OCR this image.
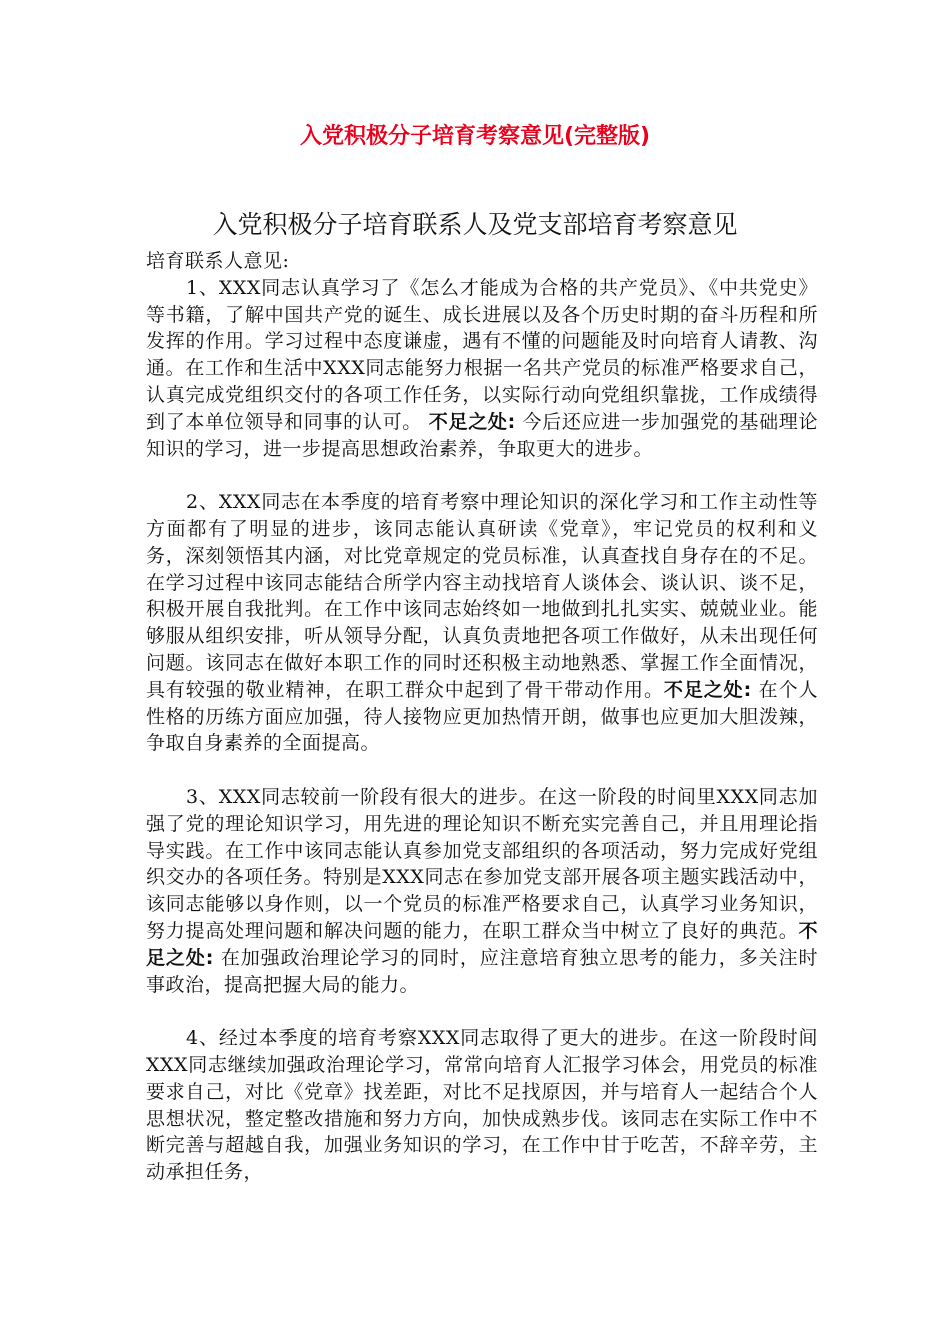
入党积极分子培育考察意见(完整版)
入党积极分子培育联系人及党支部培育考察意见

培育联系人意见:

1、XXX同志认真学习了《怎么才能成为合格的共产党员》、《中共党史》等书籍，了解中国共产党的诞生、成长进展以及各个历史时期的奋斗历程和所发挥的作用。学习过程中态度谦虚，遇有不懂的问题能及时向培育人请教、沟通。在工作和生活中XXX同志能努力根据一名共产党员的标准严格要求自己，认真完成党组织交付的各项工作任务，以实际行动向党组织靠拢，工作成绩得到了本单位领导和同事的认可。 不足之处: 今后还应进一步加强党的基础理论知识的学习，进一步提高思想政治素养，争取更大的进步。

2、XXX同志在本季度的培育考察中理论知识的深化学习和工作主动性等方面都有了明显的进步，该同志能认真研读《党章》，牢记党员的权利和义务，深刻领悟其内涵，对比党章规定的党员标准，认真查找自身存在的不足。在学习过程中该同志能结合所学内容主动找培育人谈体会、谈认识、谈不足，积极开展自我批判。在工作中该同志始终如一地做到扎扎实实、兢兢业业。能够服从组织安排，听从领导分配，认真负责地把各项工作做好，从未出现任何问题。该同志在做好本职工作的同时还积极主动地熟悉、掌握工作全面情况，具有较强的敬业精神，在职工群众中起到了骨干带动作用。不足之处: 在个人性格的历练方面应加强，待人接物应更加热情开朗，做事也应更加大胆泼辣，争取自身素养的全面提高。

3、XXX同志较前一阶段有很大的进步。在这一阶段的时间里XXX同志加强了党的理论知识学习，用先进的理论知识不断充实完善自己，并且用理论指导实践。在工作中该同志能认真参加党支部组织的各项活动，努力完成好党组织交办的各项任务。特别是XXX同志在参加党支部开展各项主题实践活动中，该同志能够以身作则，以一个党员的标准严格要求自己，认真学习业务知识，努力提高处理问题和解决问题的能力，在职工群众当中树立了良好的典范。不足之处: 在加强政治理论学习的同时，应注意培育独立思考的能力，多关注时事政治，提高把握大局的能力。

4、经过本季度的培育考察XXX同志取得了更大的进步。在这一阶段时间XXX同志继续加强政治理论学习，常常向培育人汇报学习体会，用党员的标准要求自己，对比《党章》找差距，对比不足找原因，并与培育人一起结合个人思想状况，整定整改措施和努力方向，加快成熟步伐。该同志在实际工作中不断完善与超越自我，加强业务知识的学习，在工作中甘于吃苦，不辞辛劳，主动承担任务，
